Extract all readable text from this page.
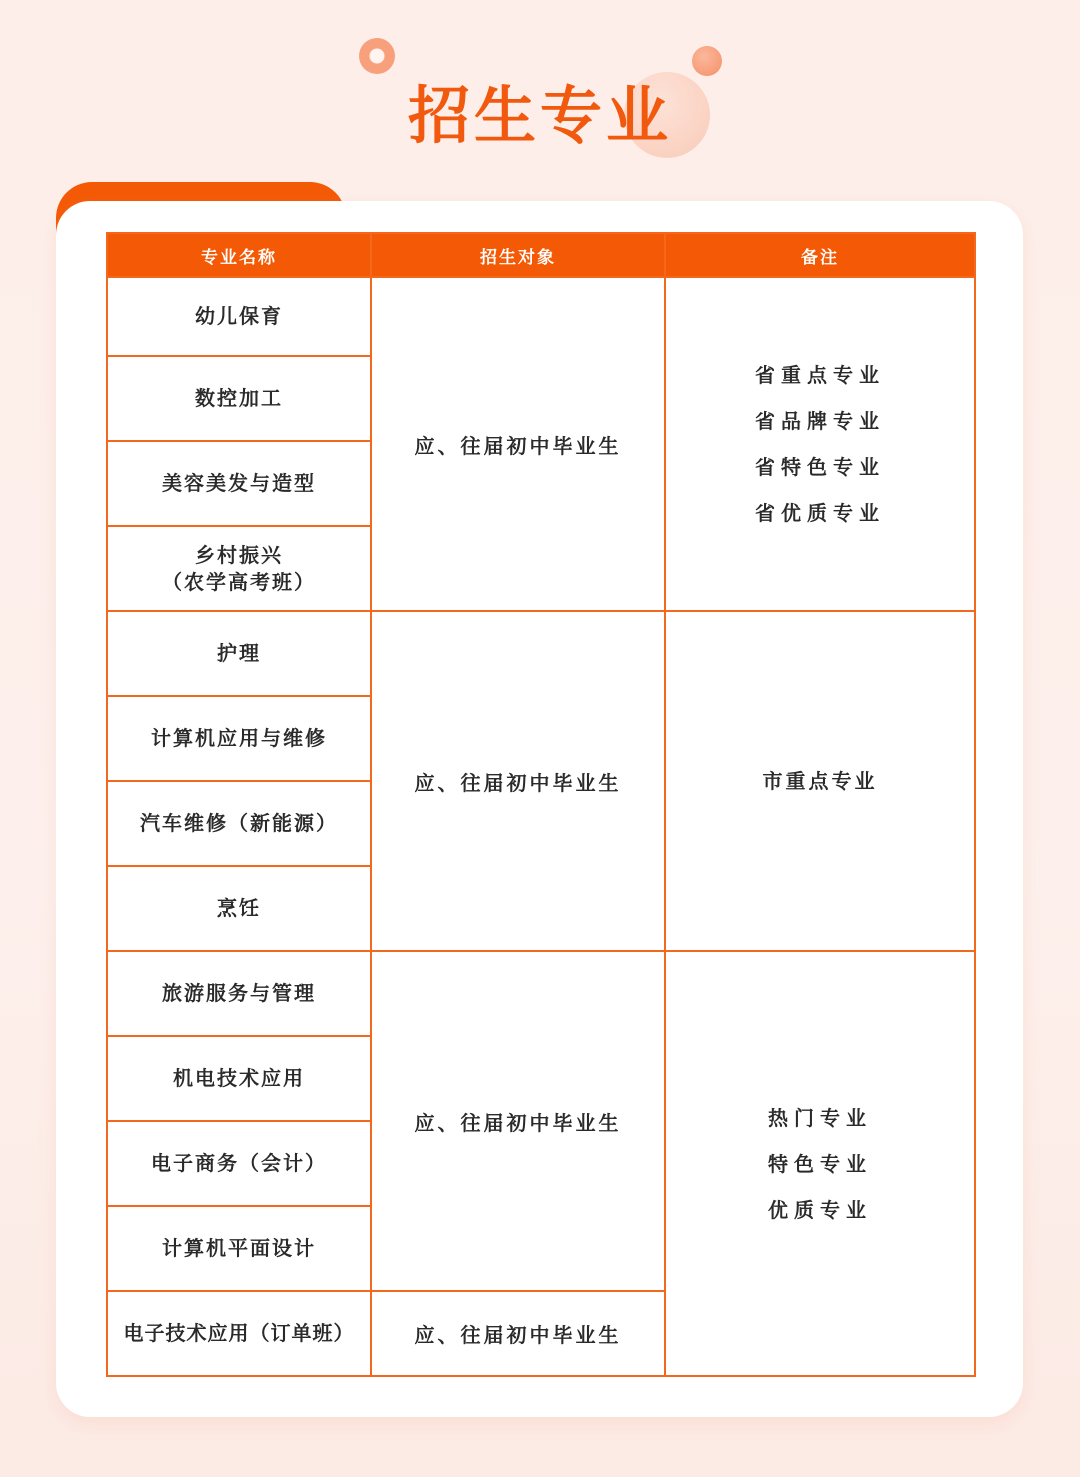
招生专业
专业名称	招生对象	备注
幼儿保育	应、往届初中毕业生	省重点专业
省品牌专业
省特色专业
省优质专业

数控加工		
美容美发与造型		
乡村振兴
（农学高考班）		
护理	应、往届初中毕业生	市重点专业

计算机应用与维修		
汽车维修（新能源）		
烹饪		
旅游服务与管理	应、往届初中毕业生	热门专业
特色专业
优质专业

机电技术应用		
电子商务（会计）		
计算机平面设计		
电子技术应用（订单班）	应、往届初中毕业生	
